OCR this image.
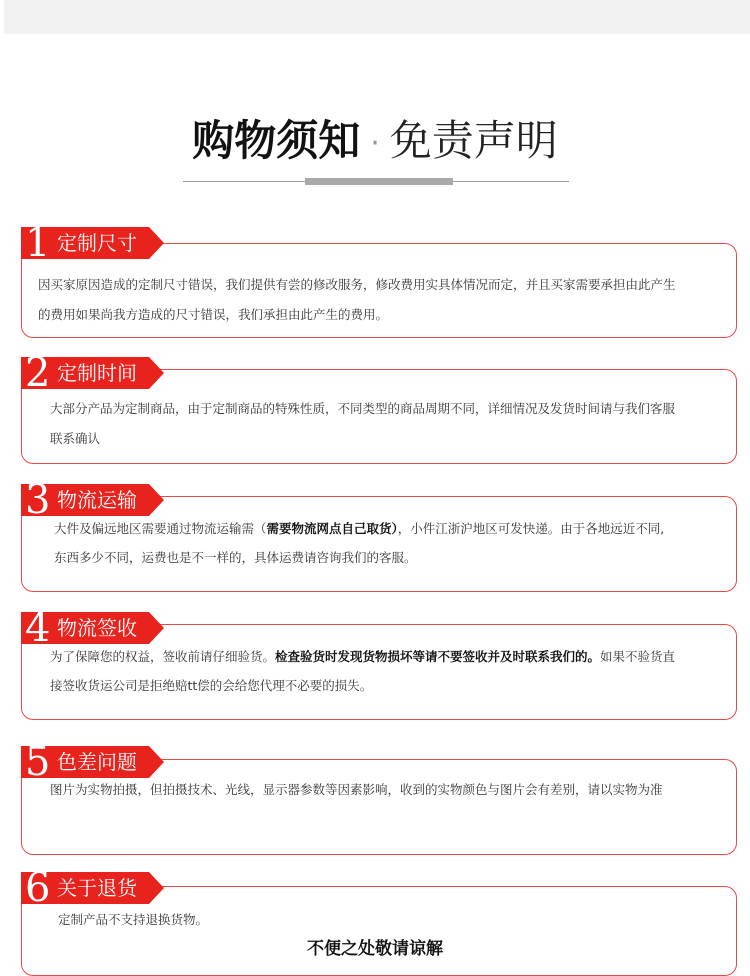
购物须知 · 免责声明
1 定制尺寸
因买家原因造成的定制尺寸错误，我们提供有尝的修改服务，修改费用实具体情况而定，并且买家需要承担由此产生
的费用如果尚我方造成的尺寸错误，我们承担由此产生的费用。
2 定制时间
大部分产品为定制商品，由于定制商品的特殊性质，不同类型的商品周期不同，详细情况及发货时间请与我们客服
联系确认
3 物流运输
大件及偏远地区需要通过物流运输需（需要物流网点自己取货），小件江浙沪地区可发快递。由于各地远近不同,
东西多少不同，运费也是不一样的，具体运费请咨询我们的客服。
4 物流签收
为了保障您的权益，签收前请仔细验货。检查验货时发现货物损坏等请不要签收并及时联系我们的。如果不验货直
接签收货运公司是拒绝赔tt偿的会给您代理不必要的损失。
5 色差问题
图片为实物拍摄，但拍摄技术、光线，显示器参数等因素影响，收到的实物颜色与图片会有差别，请以实物为准
6 关于退货
定制产品不支持退换货物。
不便之处敬请谅解
